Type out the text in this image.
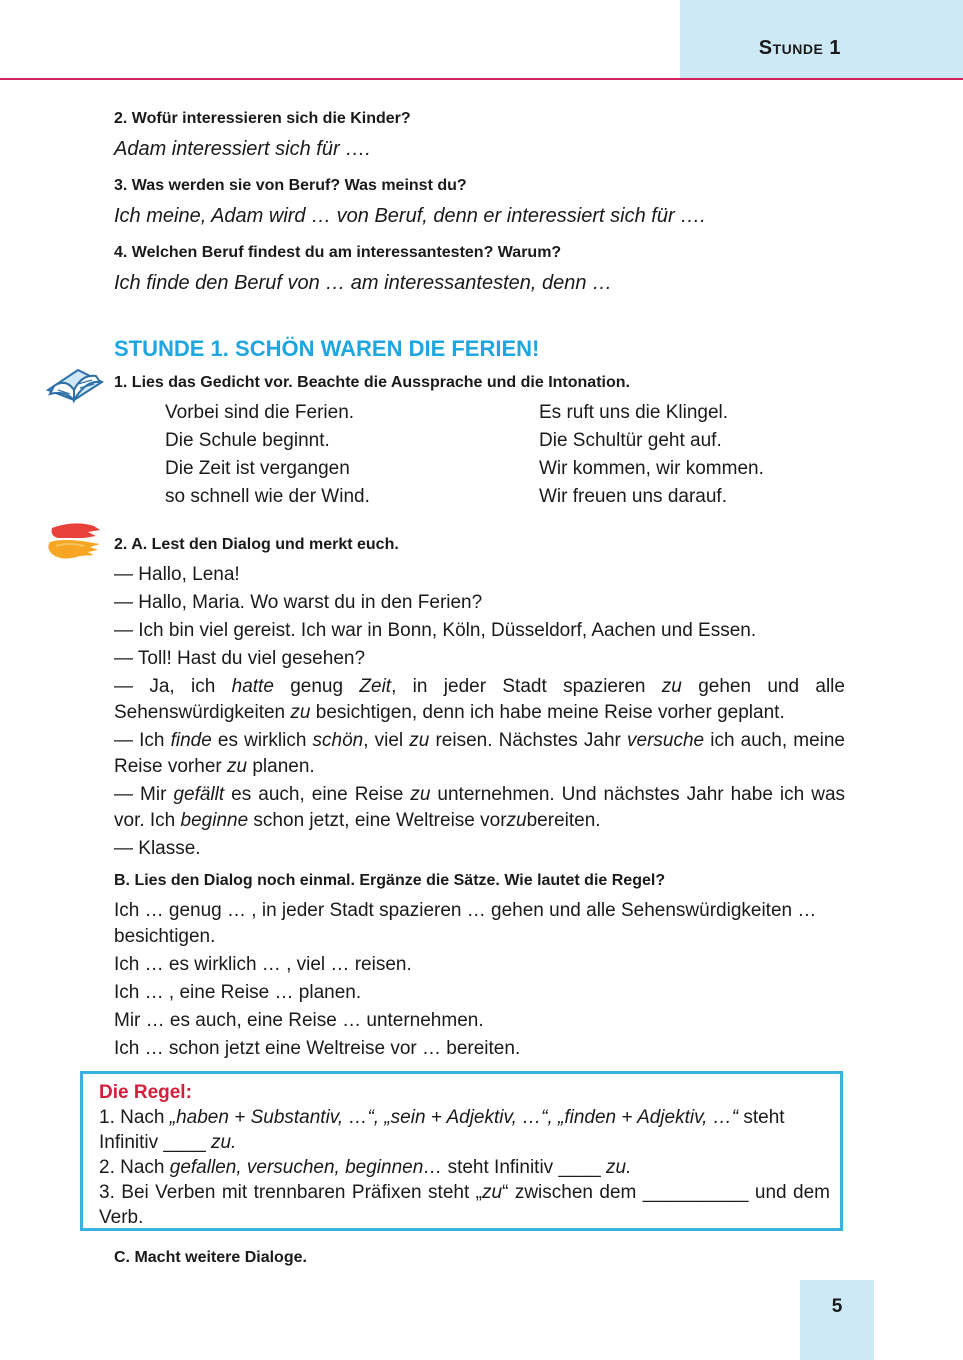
Stunde 1
2. Wofür interessieren sich die Kinder?
Adam interessiert sich für ….
3. Was werden sie von Beruf? Was meinst du?
Ich meine, Adam wird … von Beruf, denn er interessiert sich für ….
4. Welchen Beruf findest du am interessantesten? Warum?
Ich finde den Beruf von … am interessantesten, denn …
STUNDE 1. SCHÖN WAREN DIE FERIEN!
1. Lies das Gedicht vor. Beachte die Aussprache und die Intonation.
Vorbei sind die Ferien.
Die Schule beginnt.
Die Zeit ist vergangen
so schnell wie der Wind.
Es ruft uns die Klingel.
Die Schultür geht auf.
Wir kommen, wir kommen.
Wir freuen uns darauf.
2. A. Lest den Dialog und merkt euch.
— Hallo, Lena!
— Hallo, Maria. Wo warst du in den Ferien?
— Ich bin viel gereist. Ich war in Bonn, Köln, Düsseldorf, Aachen und Essen.
— Toll! Hast du viel gesehen?
— Ja, ich hatte genug Zeit, in jeder Stadt spazieren zu gehen und alle Sehenswürdigkeiten zu besichtigen, denn ich habe meine Reise vorher geplant.
— Ich finde es wirklich schön, viel zu reisen. Nächstes Jahr versuche ich auch, meine Reise vorher zu planen.
— Mir gefällt es auch, eine Reise zu unternehmen. Und nächstes Jahr habe ich was vor. Ich beginne schon jetzt, eine Weltreise vorzubereiten.
— Klasse.
B. Lies den Dialog noch einmal. Ergänze die Sätze. Wie lautet die Regel?
Ich … genug … , in jeder Stadt spazieren … gehen und alle Sehenswürdigkeiten … besichtigen.
Ich … es wirklich … , viel … reisen.
Ich … , eine Reise … planen.
Mir … es auch, eine Reise … unternehmen.
Ich … schon jetzt eine Weltreise vor … bereiten.
Die Regel:
1. Nach „haben + Substantiv, …“, „sein + Adjektiv, …“, „finden + Adjektiv, …“ steht Infinitiv ____ zu.
2. Nach gefallen, versuchen, beginnen… steht Infinitiv ____ zu.
3. Bei Verben mit trennbaren Präfixen steht „zu“ zwischen dem __________ und dem Verb.
C. Macht weitere Dialoge.
5
